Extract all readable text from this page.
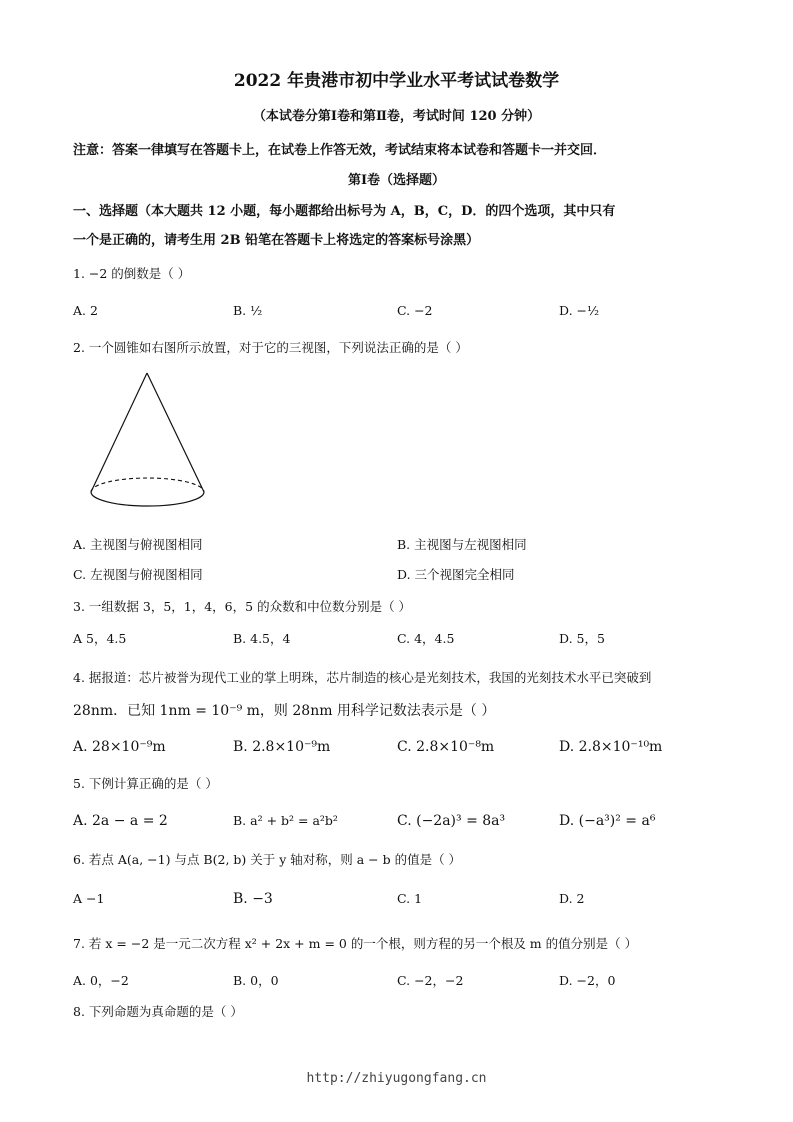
2022 年贵港市初中学业水平考试试卷数学
（本试卷分第Ⅰ卷和第Ⅱ卷，考试时间 120 分钟）
注意：答案一律填写在答题卡上，在试卷上作答无效，考试结束将本试卷和答题卡一并交回．
第Ⅰ卷（选择题）
一、选择题（本大题共 12 小题，每小题都给出标号为 A，B，C，D．的四个选项，其中只有
一个是正确的，请考生用 2B 铅笔在答题卡上将选定的答案标号涂黑）
1. −2 的倒数是（ ）
A. 2	B. ½	C. −2	D. −½
2. 一个圆锥如右图所示放置，对于它的三视图，下列说法正确的是（ ）
A. 主视图与俯视图相同	B. 主视图与左视图相同
C. 左视图与俯视图相同	D. 三个视图完全相同
3. 一组数据 3，5，1，4，6，5 的众数和中位数分别是（ ）
A 5，4.5	B. 4.5，4	C. 4，4.5	D. 5，5
4. 据报道：芯片被誉为现代工业的掌上明珠，芯片制造的核心是光刻技术，我国的光刻技术水平已突破到
28nm．已知 1nm = 10⁻⁹ m，则 28nm 用科学记数法表示是（ ）
A. 28×10⁻⁹m	B. 2.8×10⁻⁹m	C. 2.8×10⁻⁸m	D. 2.8×10⁻¹⁰m
5. 下例计算正确的是（ ）
A. 2a − a = 2	B. a² + b² = a²b²	C. (−2a)³ = 8a³	D. (−a³)² = a⁶
6. 若点 A(a, −1) 与点 B(2, b) 关于 y 轴对称，则 a − b 的值是（ ）
A −1	B. −3	C. 1	D. 2
7. 若 x = −2 是一元二次方程 x² + 2x + m = 0 的一个根，则方程的另一个根及 m 的值分别是（ ）
A. 0，−2	B. 0，0	C. −2，−2	D. −2，0
8. 下列命题为真命题的是（ ）
http://zhiyugongfang.cn
